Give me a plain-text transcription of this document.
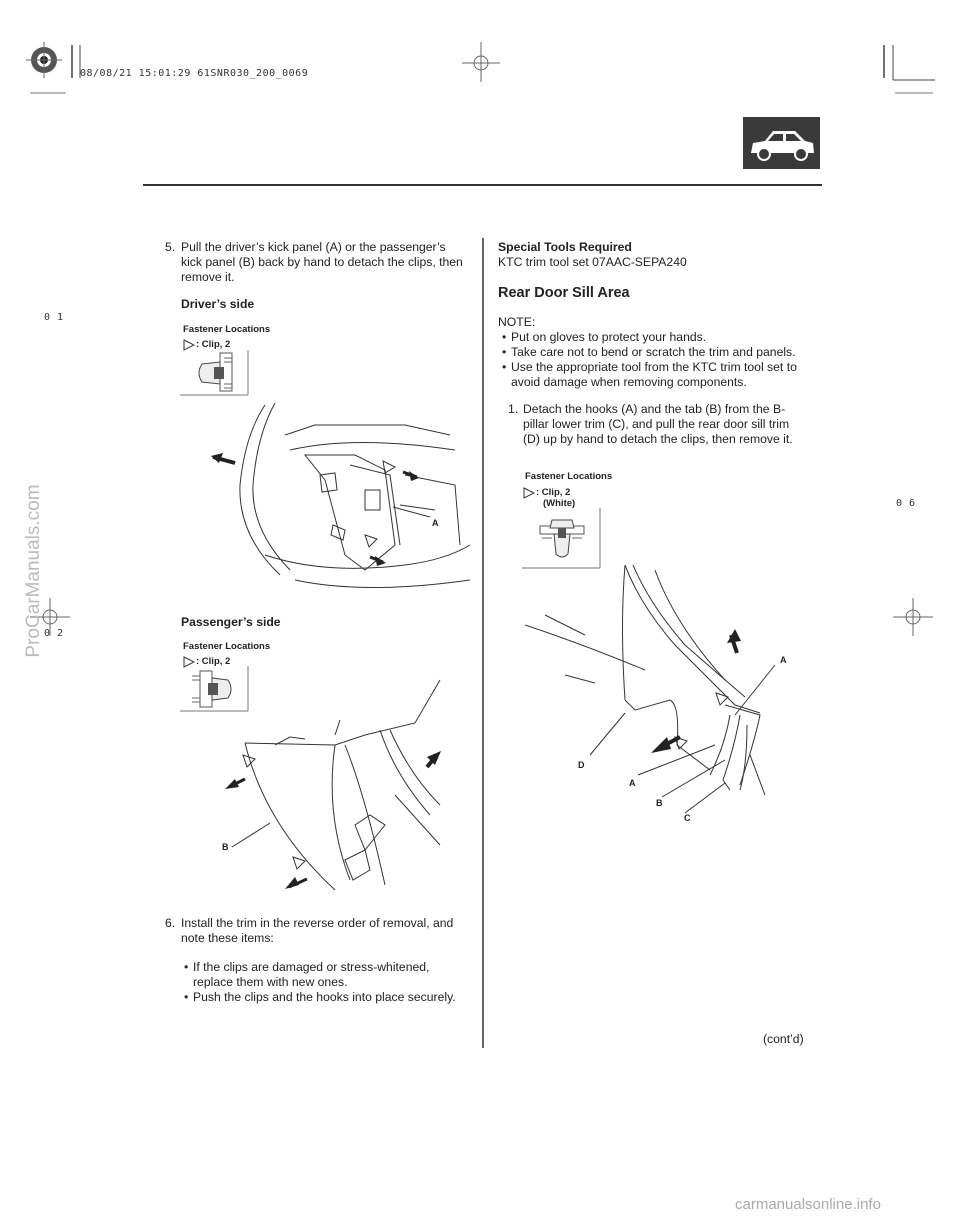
08/08/21 15:01:29 61SNR030_200_0069
0 1
0 2
0 6
ProCarManuals.com
carmanualsonline.info
5. Pull the driver’s kick panel (A) or the passenger’s kick panel (B) back by hand to detach the clips, then remove it.
Driver’s side
Fastener Locations
: Clip, 2
A
Passenger’s side
Fastener Locations
: Clip, 2
B
6. Install the trim in the reverse order of removal, and note these items:
• If the clips are damaged or stress-whitened, replace them with new ones.
• Push the clips and the hooks into place securely.
Special Tools Required
KTC trim tool set 07AAC-SEPA240
Rear Door Sill Area
NOTE:
• Put on gloves to protect your hands.
• Take care not to bend or scratch the trim and panels.
• Use the appropriate tool from the KTC trim tool set to avoid damage when removing components.
1. Detach the hooks (A) and the tab (B) from the B-pillar lower trim (C), and pull the rear door sill trim (D) up by hand to detach the clips, then remove it.
Fastener Locations
: Clip, 2
(White)
A
D
A
B
C
(cont’d)
